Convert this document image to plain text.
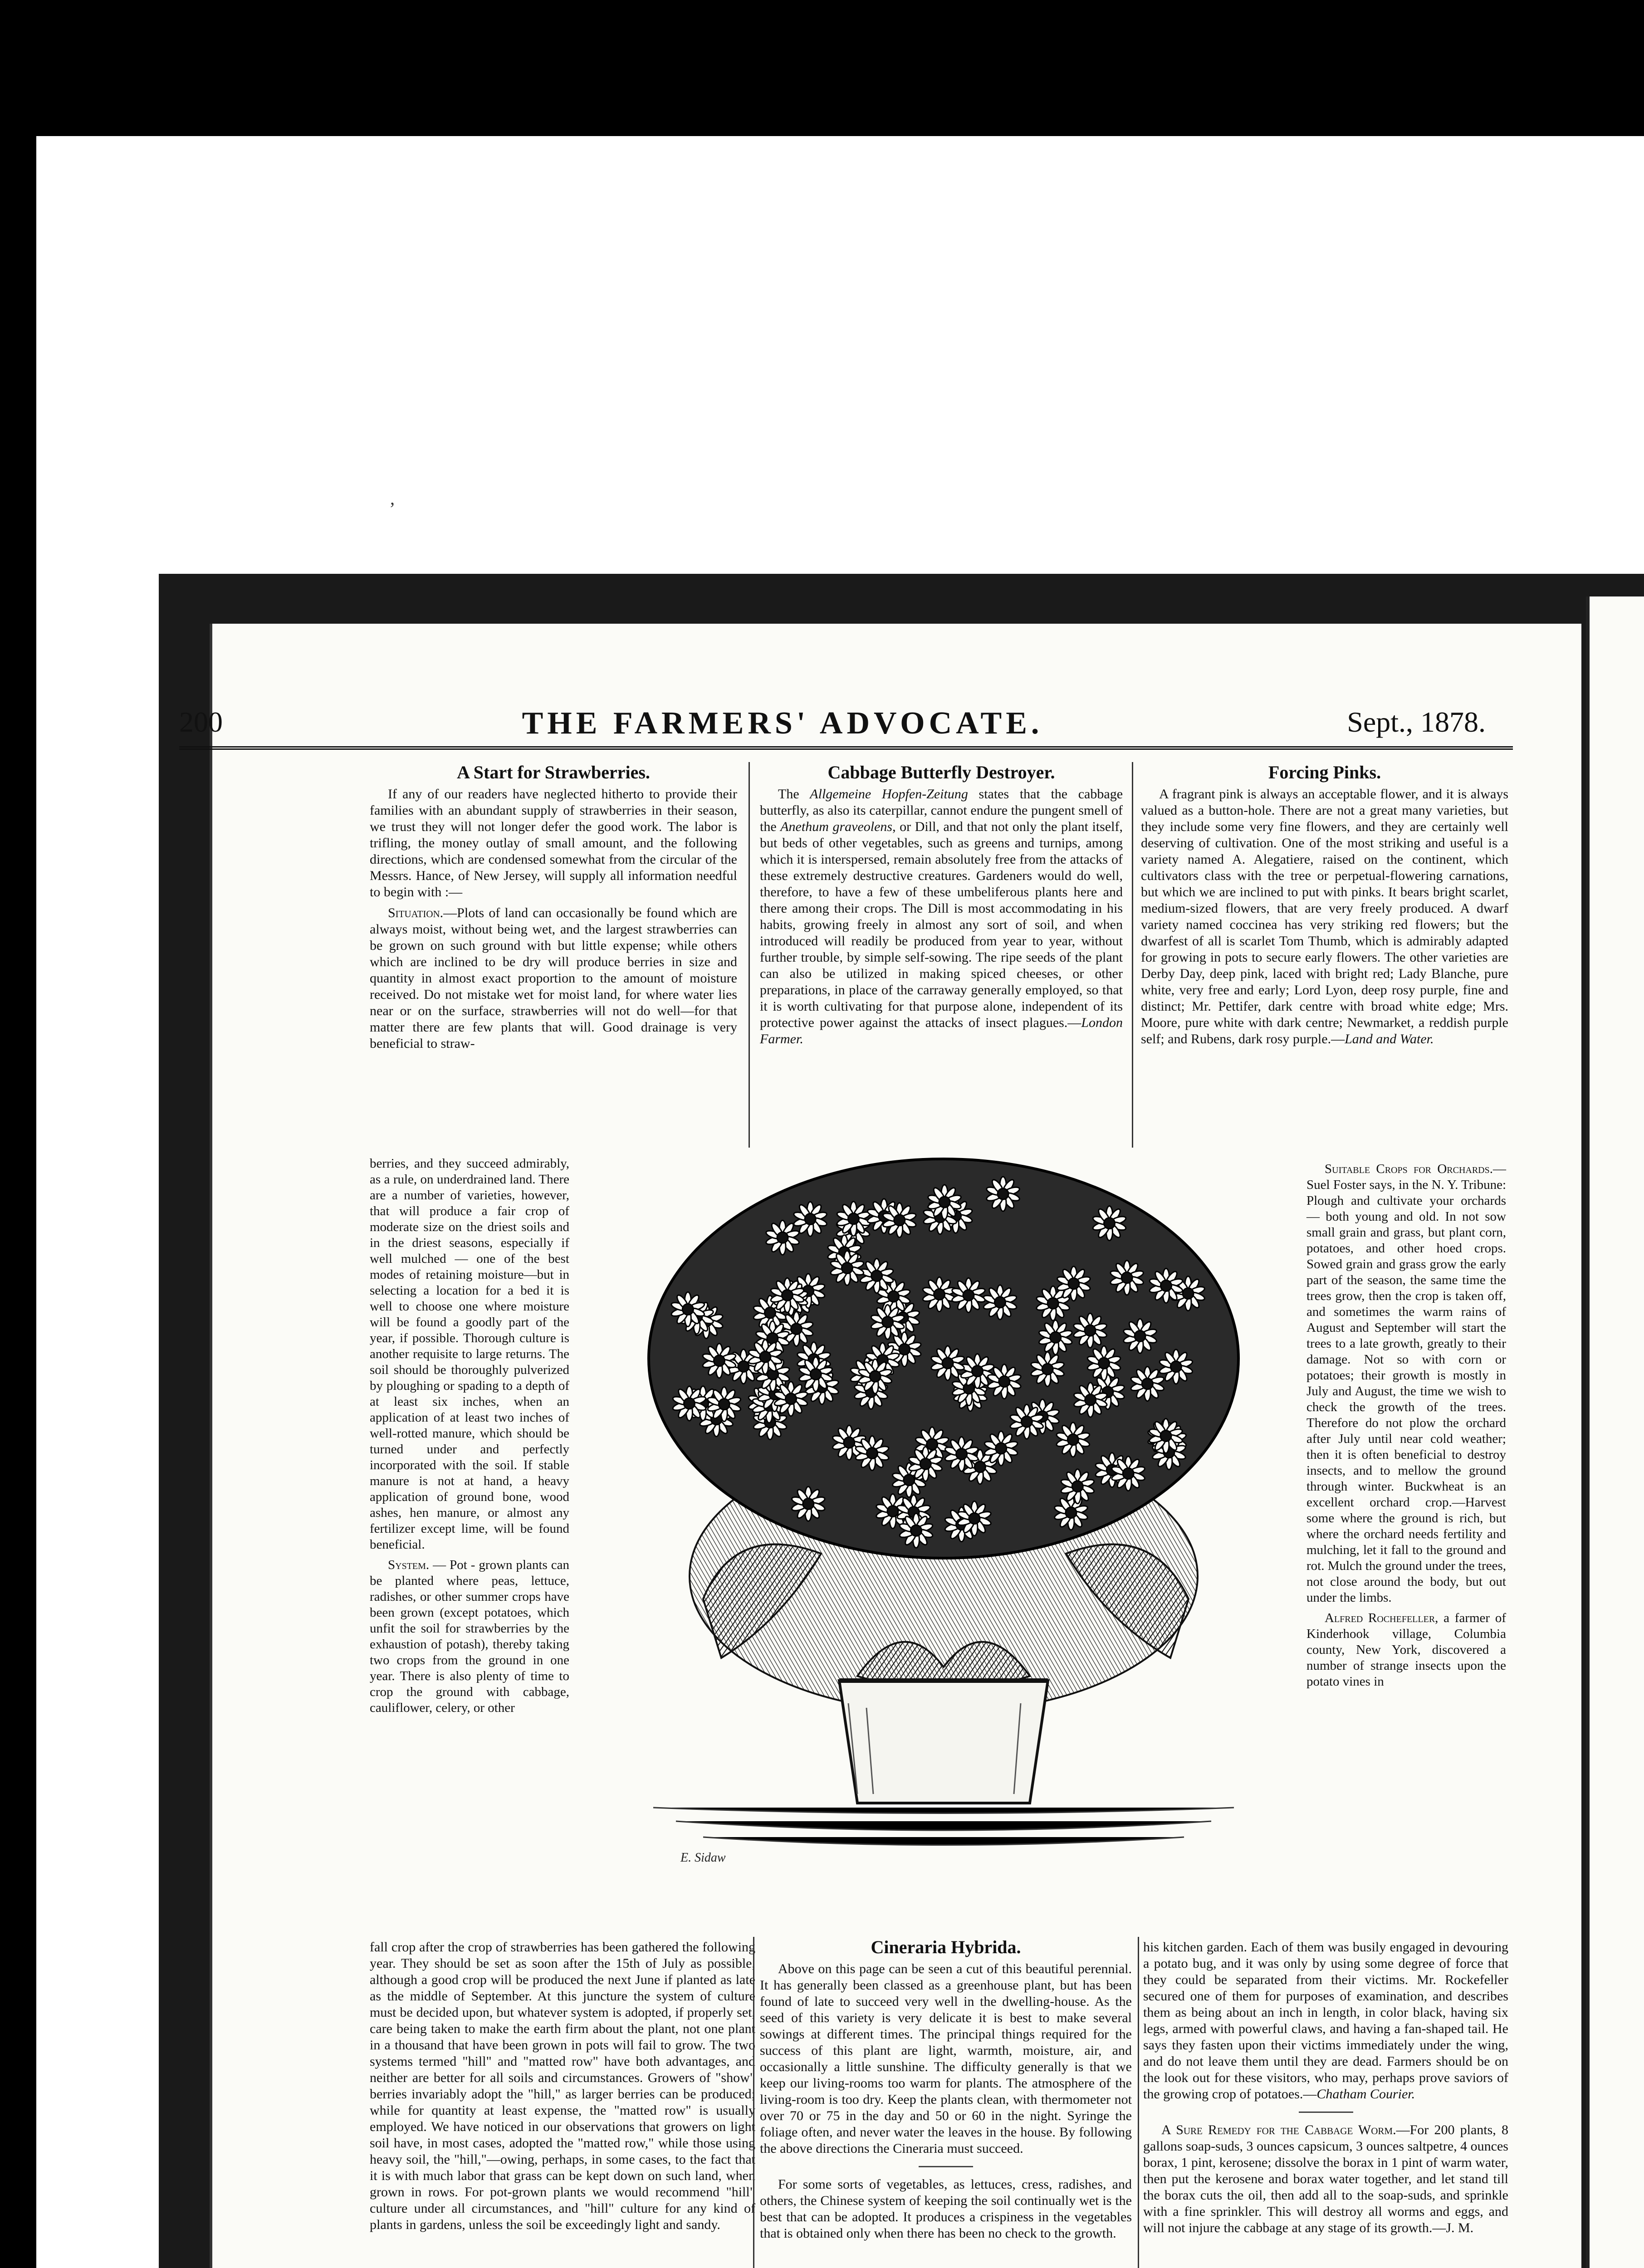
200	THE FARMERS' ADVOCATE.	Sept., 1878.
A Start for Strawberries.

If any of our readers have neglected hitherto to provide their families with an abundant supply of strawberries in their season, we trust they will not longer defer the good work. The labor is trifling, the money outlay of small amount, and the following directions, which are condensed somewhat from the circular of the Messrs. Hance, of New Jersey, will supply all information needful to begin with :—

Situation.—Plots of land can occasionally be found which are always moist, without being wet, and the largest strawberries can be grown on such ground with but little expense; while others which are inclined to be dry will produce berries in size and quantity in almost exact proportion to the amount of moisture received. Do not mistake wet for moist land, for where water lies near or on the surface, strawberries will not do well—for that matter there are few plants that will. Good drainage is very beneficial to straw-

berries, and they succeed admirably, as a rule, on underdrained land. There are a number of varieties, however, that will produce a fair crop of moderate size on the driest soils and in the driest seasons, especially if well mulched — one of the best modes of retaining moisture—but in selecting a location for a bed it is well to choose one where moisture will be found a goodly part of the year, if possible. Thorough culture is another requisite to large returns. The soil should be thoroughly pulverized by ploughing or spading to a depth of at least six inches, when an application of at least two inches of well-rotted manure, which should be turned under and perfectly incorporated with the soil. If stable manure is not at hand, a heavy application of ground bone, wood ashes, hen manure, or almost any fertilizer except lime, will be found beneficial.

System. — Pot - grown plants can be planted where peas, lettuce, radishes, or other summer crops have been grown (except potatoes, which unfit the soil for strawberries by the exhaustion of potash), thereby taking two crops from the ground in one year. There is also plenty of time to crop the ground with cabbage, cauliflower, celery, or other

fall crop after the crop of strawberries has been gathered the following year. They should be set as soon after the 15th of July as possible, although a good crop will be produced the next June if planted as late as the middle of September. At this juncture the system of culture must be decided upon, but whatever system is adopted, if properly set, care being taken to make the earth firm about the plant, not one plant in a thousand that have been grown in pots will fail to grow. The two systems termed "hill" and "matted row" have both advantages, and neither are better for all soils and circumstances. Growers of "show" berries invariably adopt the "hill," as larger berries can be produced; while for quantity at least expense, the "matted row" is usually employed. We have noticed in our observations that growers on light soil have, in most cases, adopted the "matted row," while those using heavy soil, the "hill,"—owing, perhaps, in some cases, to the fact that it is with much labor that grass can be kept down on such land, when grown in rows. For pot-grown plants we would recommend "hill" culture under all circumstances, and "hill" culture for any kind of plants in gardens, unless the soil be exceedingly light and sandy.

Cabbage Butterfly Destroyer.

The Allgemeine Hopfen-Zeitung states that the cabbage butterfly, as also its caterpillar, cannot endure the pungent smell of the Anethum graveolens, or Dill, and that not only the plant itself, but beds of other vegetables, such as greens and turnips, among which it is interspersed, remain absolutely free from the attacks of these extremely destructive creatures. Gardeners would do well, therefore, to have a few of these umbeliferous plants here and there among their crops. The Dill is most accommodating in his habits, growing freely in almost any sort of soil, and when introduced will readily be produced from year to year, without further trouble, by simple self-sowing. The ripe seeds of the plant can also be utilized in making spiced cheeses, or other preparations, in place of the carraway generally employed, so that it is worth cultivating for that purpose alone, independent of its protective power against the attacks of insect plagues.—London Farmer.

Forcing Pinks.

A fragrant pink is always an acceptable flower, and it is always valued as a button-hole. There are not a great many varieties, but they include some very fine flowers, and they are certainly well deserving of cultivation. One of the most striking and useful is a variety named A. Alegatiere, raised on the continent, which cultivators class with the tree or perpetual-flowering carnations, but which we are inclined to put with pinks. It bears bright scarlet, medium-sized flowers, that are very freely produced. A dwarf variety named coccinea has very striking red flowers; but the dwarfest of all is scarlet Tom Thumb, which is admirably adapted for growing in pots to secure early flowers. The other varieties are Derby Day, deep pink, laced with bright red; Lady Blanche, pure white, very free and early; Lord Lyon, deep rosy purple, fine and distinct; Mr. Pettifer, dark centre with broad white edge; Mrs. Moore, pure white with dark centre; Newmarket, a reddish purple self; and Rubens, dark rosy purple.—Land and Water.

Suitable Crops for Orchards.—Suel Foster says, in the N. Y. Tribune: Plough and cultivate your orchards — both young and old. In not sow small grain and grass, but plant corn, potatoes, and other hoed crops. Sowed grain and grass grow the early part of the season, the same time the trees grow, then the crop is taken off, and sometimes the warm rains of August and September will start the trees to a late growth, greatly to their damage. Not so with corn or potatoes; their growth is mostly in July and August, the time we wish to check the growth of the trees. Therefore do not plow the orchard after July until near cold weather; then it is often beneficial to destroy insects, and to mellow the ground through winter. Buckwheat is an excellent orchard crop.—Harvest some where the ground is rich, but where the orchard needs fertility and mulching, let it fall to the ground and rot. Mulch the ground under the trees, not close around the body, but out under the limbs.

Alfred Rochefeller, a farmer of Kinderhook village, Columbia county, New York, discovered a number of strange insects upon the potato vines in

his kitchen garden. Each of them was busily engaged in devouring a potato bug, and it was only by using some degree of force that they could be separated from their victims. Mr. Rockefeller secured one of them for purposes of examination, and describes them as being about an inch in length, in color black, having six legs, armed with powerful claws, and having a fan-shaped tail. He says they fasten upon their victims immediately under the wing, and do not leave them until they are dead. Farmers should be on the look out for these visitors, who may, perhaps prove saviors of the growing crop of potatoes.—Chatham Courier.

A Sure Remedy for the Cabbage Worm.—For 200 plants, 8 gallons soap-suds, 3 ounces capsicum, 3 ounces saltpetre, 4 ounces borax, 1 pint, kerosene; dissolve the borax in 1 pint of warm water, then put the kerosene and borax water together, and let stand till the borax cuts the oil, then add all to the soap-suds, and sprinkle with a fine sprinkler. This will destroy all worms and eggs, and will not injure the cabbage at any stage of its growth.—J. M.

E. Sidaw
Cineraria Hybrida.

Above on this page can be seen a cut of this beautiful perennial. It has generally been classed as a greenhouse plant, but has been found of late to succeed very well in the dwelling-house. As the seed of this variety is very delicate it is best to make several sowings at different times. The principal things required for the success of this plant are light, warmth, moisture, air, and occasionally a little sunshine. The difficulty generally is that we keep our living-rooms too warm for plants. The atmosphere of the living-room is too dry. Keep the plants clean, with thermometer not over 70 or 75 in the day and 50 or 60 in the night. Syringe the foliage often, and never water the leaves in the house. By following the above directions the Cineraria must succeed.

For some sorts of vegetables, as lettuces, cress, radishes, and others, the Chinese system of keeping the soil continually wet is the best that can be adopted. It produces a crispiness in the vegetables that is obtained only when there has been no check to the growth.

,
